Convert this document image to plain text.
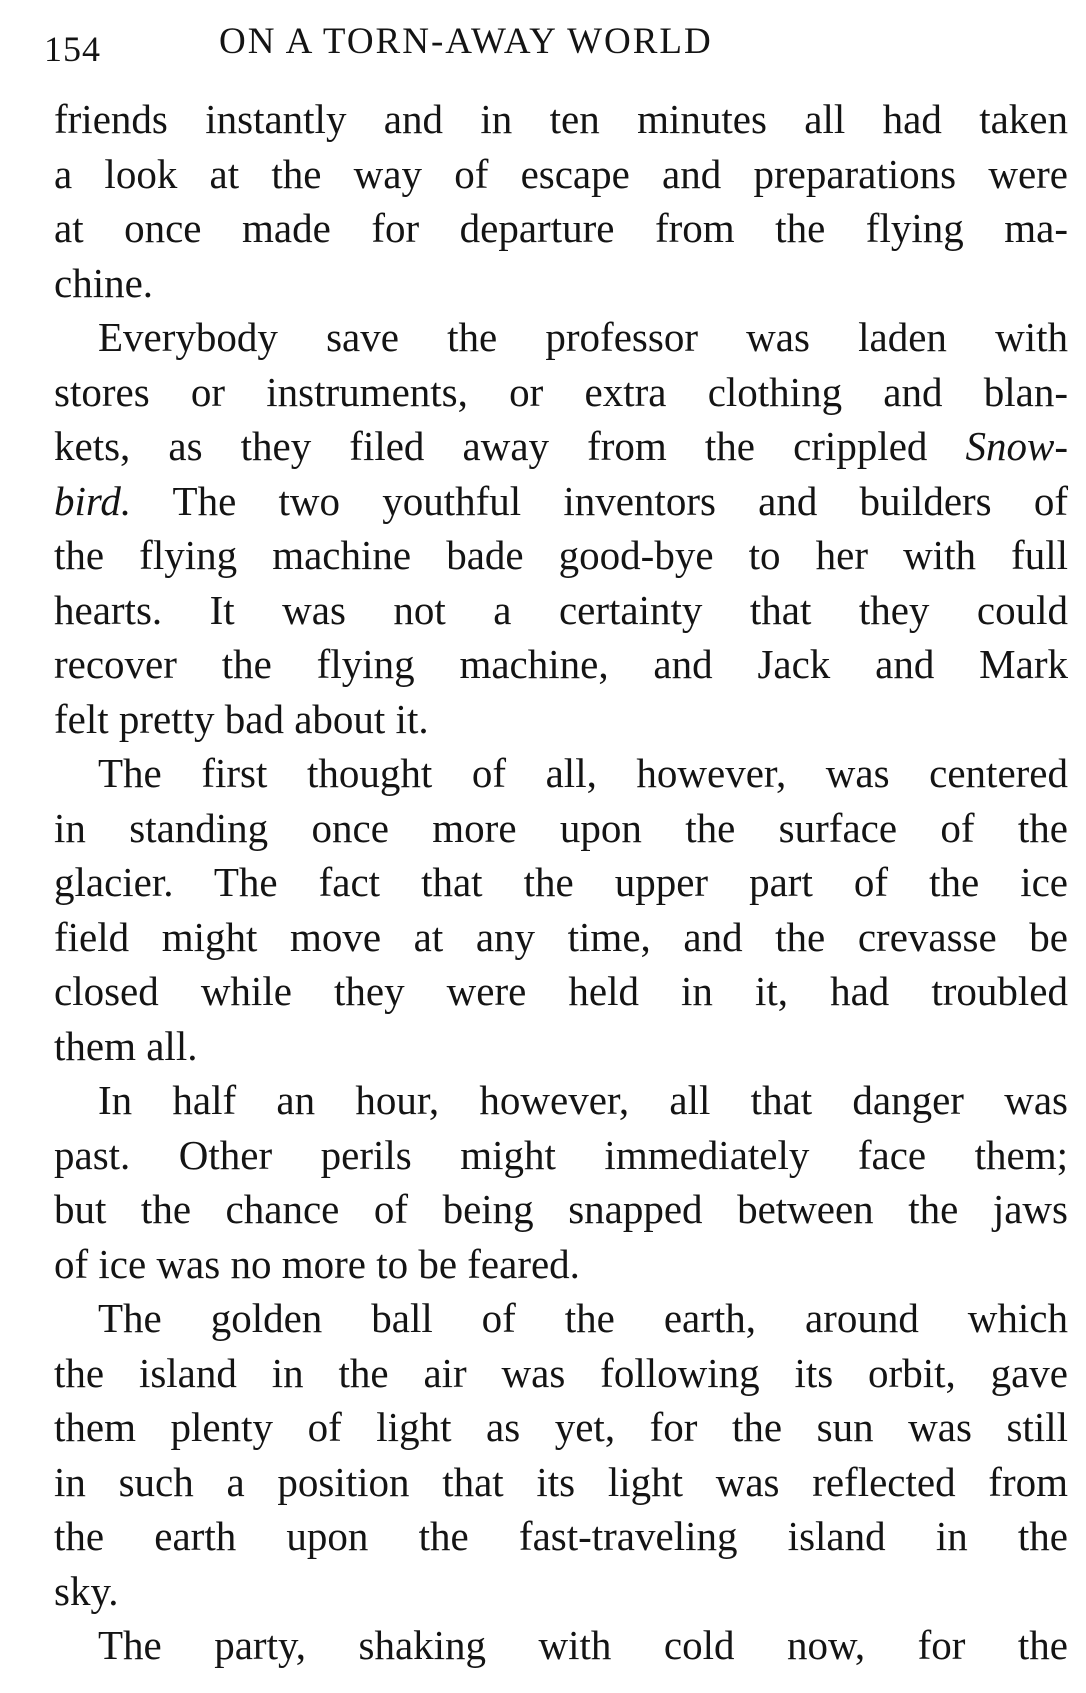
154	ON A TORN-AWAY WORLD
friends instantly and in ten minutes all had taken
a look at the way of escape and preparations were
at once made for departure from the flying ma-
chine.
Everybody save the professor was laden with
stores or instruments, or extra clothing and blan-
kets, as they filed away from the crippled Snow-
bird. The two youthful inventors and builders of
the flying machine bade good-bye to her with full
hearts. It was not a certainty that they could
recover the flying machine, and Jack and Mark
felt pretty bad about it.
The first thought of all, however, was centered
in standing once more upon the surface of the
glacier. The fact that the upper part of the ice
field might move at any time, and the crevasse be
closed while they were held in it, had troubled
them all.
In half an hour, however, all that danger was
past. Other perils might immediately face them;
but the chance of being snapped between the jaws
of ice was no more to be feared.
The golden ball of the earth, around which
the island in the air was following its orbit, gave
them plenty of light as yet, for the sun was still
in such a position that its light was reflected from
the earth upon the fast-traveling island in the
sky.
The party, shaking with cold now, for the
